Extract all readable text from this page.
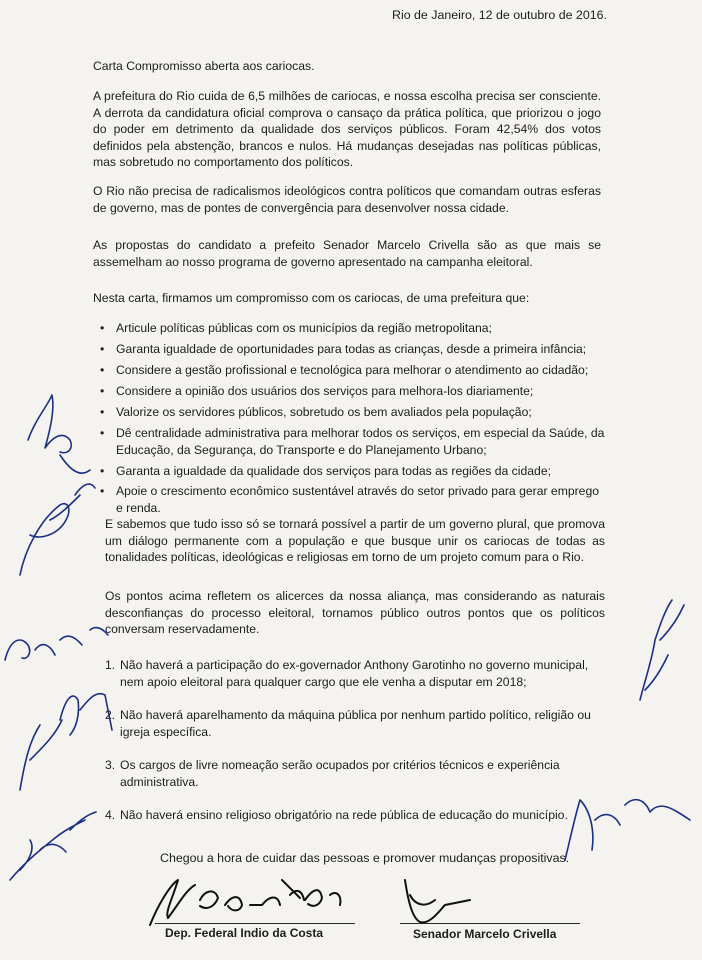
Rio de Janeiro, 12 de outubro de 2016.
Carta Compromisso aberta aos cariocas.
A prefeitura do Rio cuida de 6,5 milhões de cariocas, e nossa escolha precisa ser consciente. A derrota da candidatura oficial comprova o cansaço da prática política, que priorizou o jogo do poder em detrimento da qualidade dos serviços públicos. Foram 42,54% dos votos definidos pela abstenção, brancos e nulos. Há mudanças desejadas nas políticas públicas, mas sobretudo no comportamento dos políticos.
O Rio não precisa de radicalismos ideológicos contra políticos que comandam outras esferas de governo, mas de pontes de convergência para desenvolver nossa cidade.
As propostas do candidato a prefeito Senador Marcelo Crivella são as que mais se assemelham ao nosso programa de governo apresentado na campanha eleitoral.
Nesta carta, firmamos um compromisso com os cariocas, de uma prefeitura que:
• Articule políticas públicas com os municípios da região metropolitana;
• Garanta igualdade de oportunidades para todas as crianças, desde a primeira infância;
• Considere a gestão profissional e tecnológica para melhorar o atendimento ao cidadão;
• Considere a opinião dos usuários dos serviços para melhora-los diariamente;
• Valorize os servidores públicos, sobretudo os bem avaliados pela população;
• Dê centralidade administrativa para melhorar todos os serviços, em especial da Saúde, da Educação, da Segurança, do Transporte e do Planejamento Urbano;
• Garanta a igualdade da qualidade dos serviços para todas as regiões da cidade;
• Apoie o crescimento econômico sustentável através do setor privado para gerar emprego e renda.
E sabemos que tudo isso só se tornará possível a partir de um governo plural, que promova um diálogo permanente com a população e que busque unir os cariocas de todas as tonalidades políticas, ideológicas e religiosas em torno de um projeto comum para o Rio.
Os pontos acima refletem os alicerces da nossa aliança, mas considerando as naturais desconfianças do processo eleitoral, tornamos público outros pontos que os políticos conversam reservadamente.
1. Não haverá a participação do ex-governador Anthony Garotinho no governo municipal, nem apoio eleitoral para qualquer cargo que ele venha a disputar em 2018;
2. Não haverá aparelhamento da máquina pública por nenhum partido político, religião ou igreja específica.
3. Os cargos de livre nomeação serão ocupados por critérios técnicos e experiência administrativa.
4. Não haverá ensino religioso obrigatório na rede pública de educação do município.
Chegou a hora de cuidar das pessoas e promover mudanças propositivas.
Dep. Federal Indio da Costa	Senador Marcelo Crivella
